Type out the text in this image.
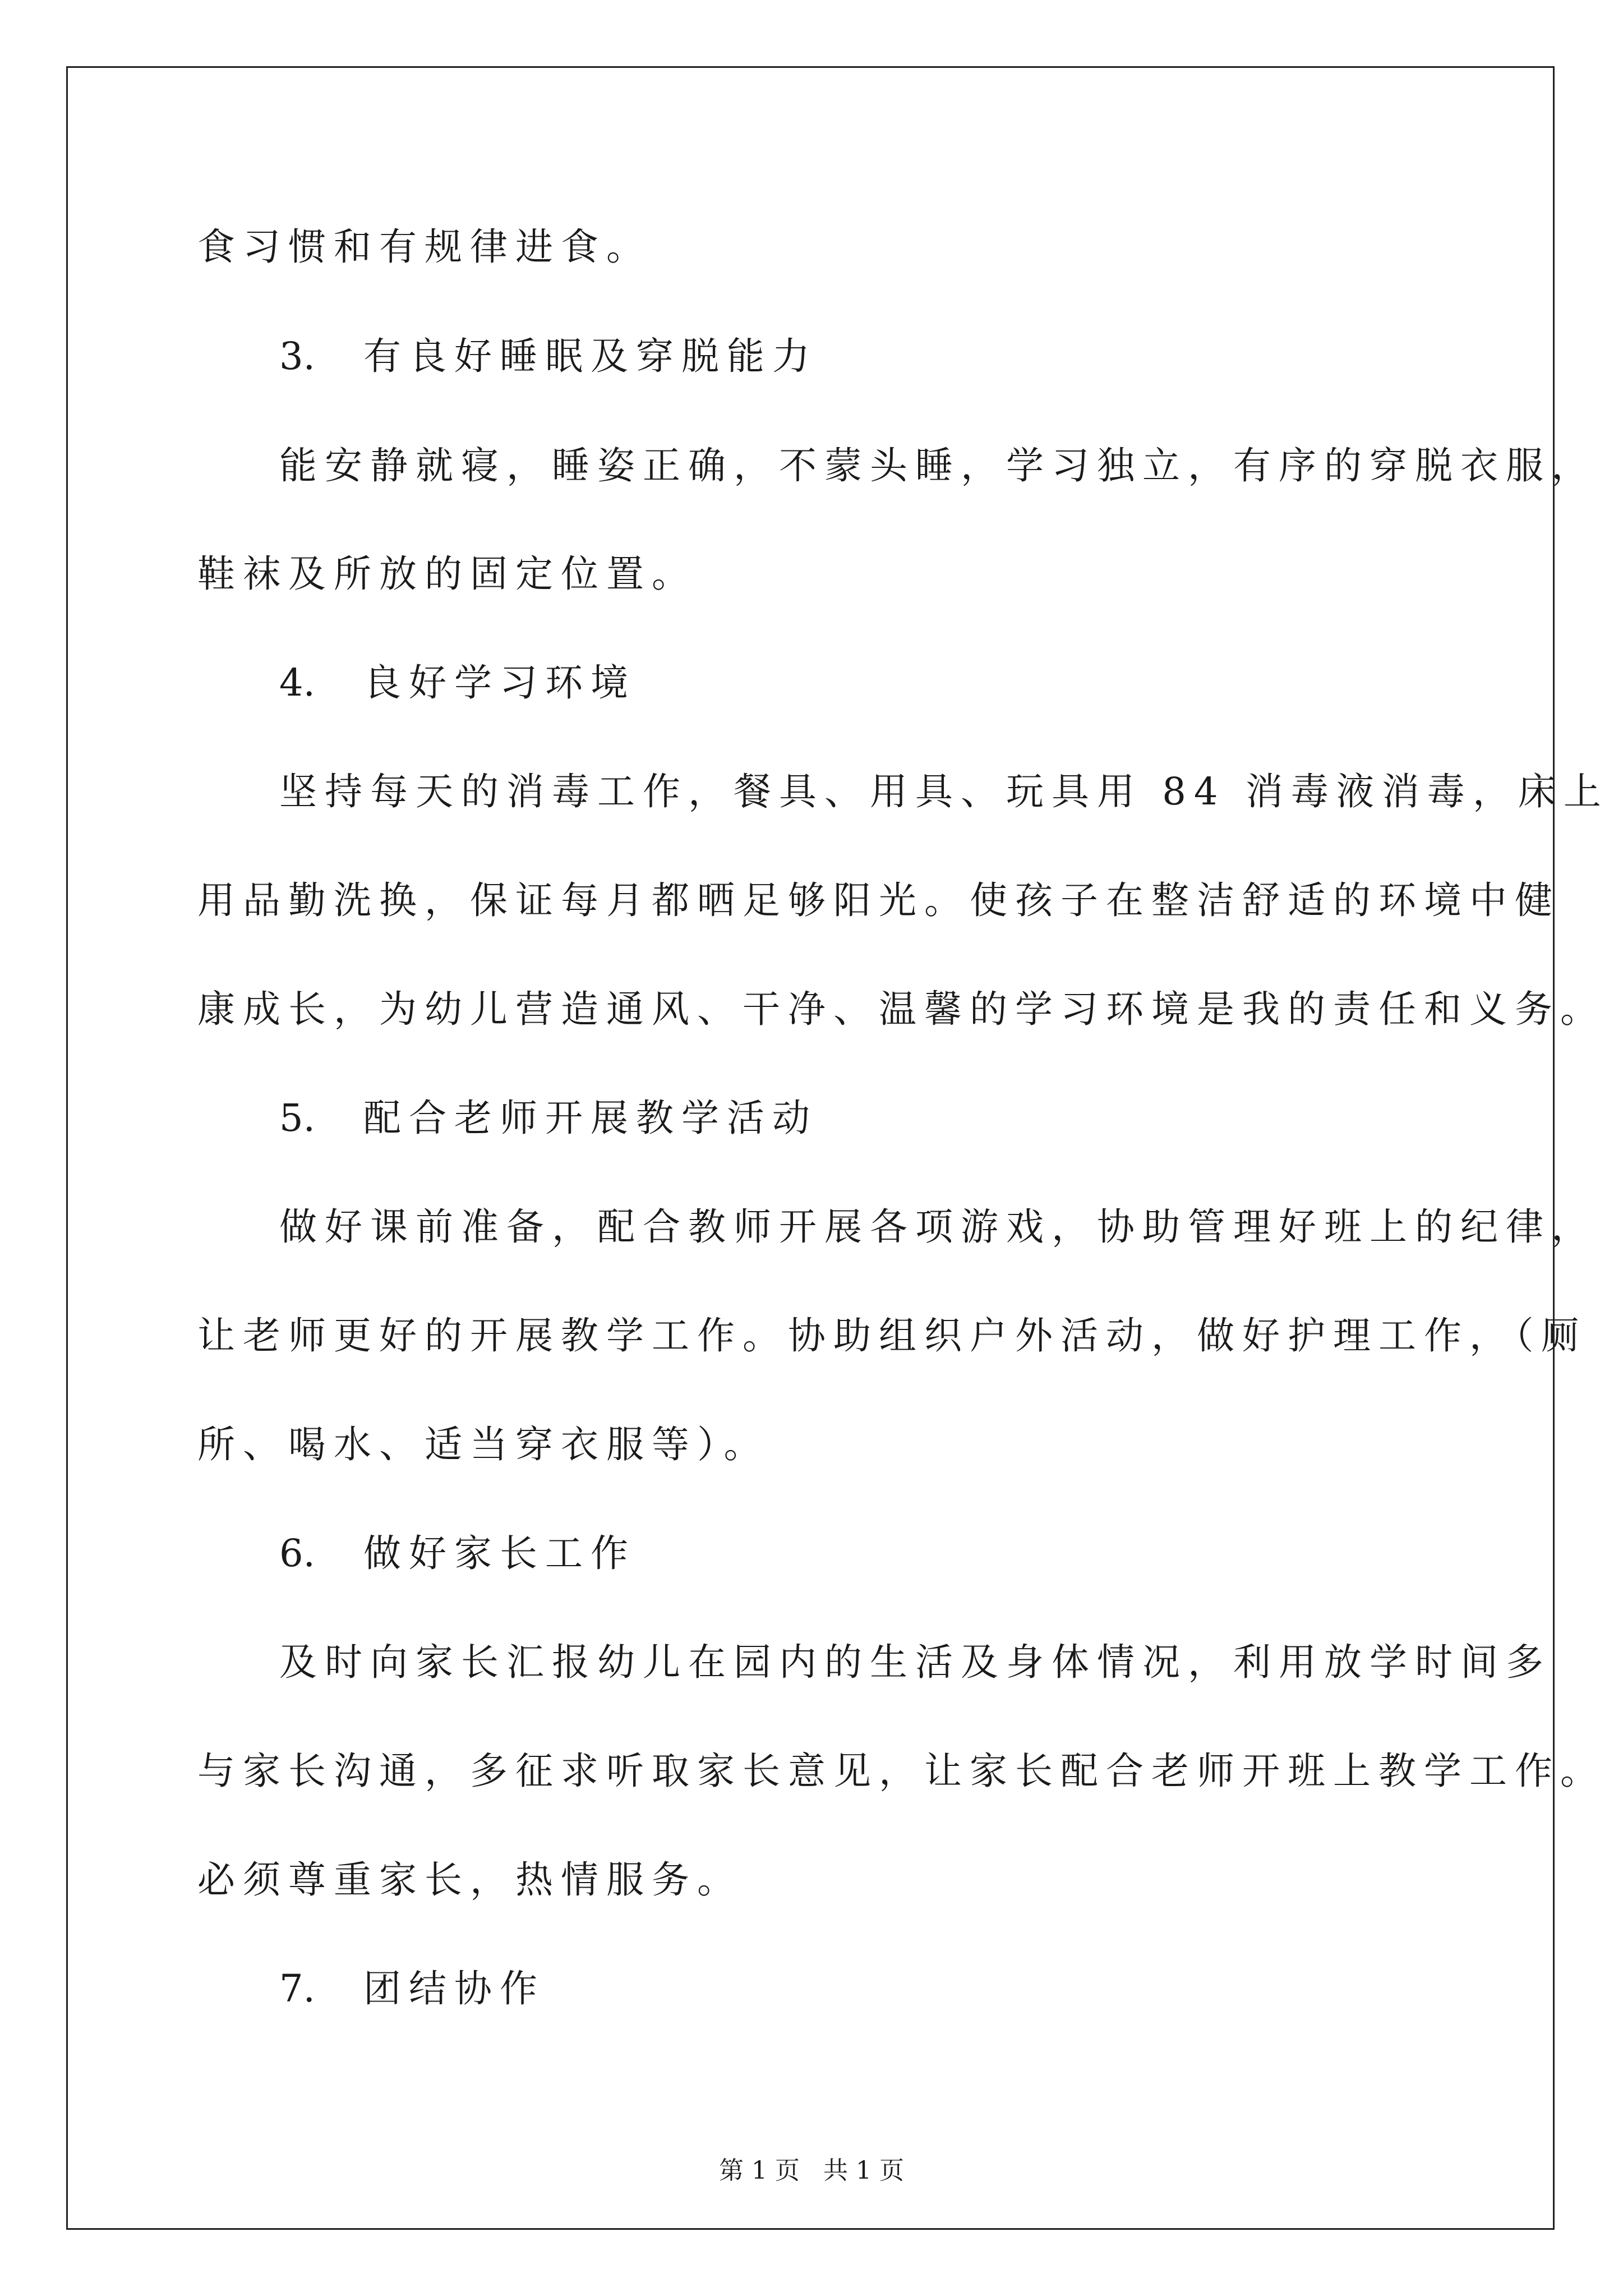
食习惯和有规律进食。
3. 有良好睡眠及穿脱能力
能安静就寝，睡姿正确，不蒙头睡，学习独立，有序的穿脱衣服，
鞋袜及所放的固定位置。
4. 良好学习环境
坚持每天的消毒工作，餐具、用具、玩具用 84 消毒液消毒，床上
用品勤洗换，保证每月都晒足够阳光。使孩子在整洁舒适的环境中健
康成长，为幼儿营造通风、干净、温馨的学习环境是我的责任和义务。
5. 配合老师开展教学活动
做好课前准备，配合教师开展各项游戏，协助管理好班上的纪律，
让老师更好的开展教学工作。协助组织户外活动，做好护理工作，（厕
所、喝水、适当穿衣服等）。
6. 做好家长工作
及时向家长汇报幼儿在园内的生活及身体情况，利用放学时间多
与家长沟通，多征求听取家长意见，让家长配合老师开班上教学工作。
必须尊重家长，热情服务。
7. 团结协作
第 1 页   共 1 页
